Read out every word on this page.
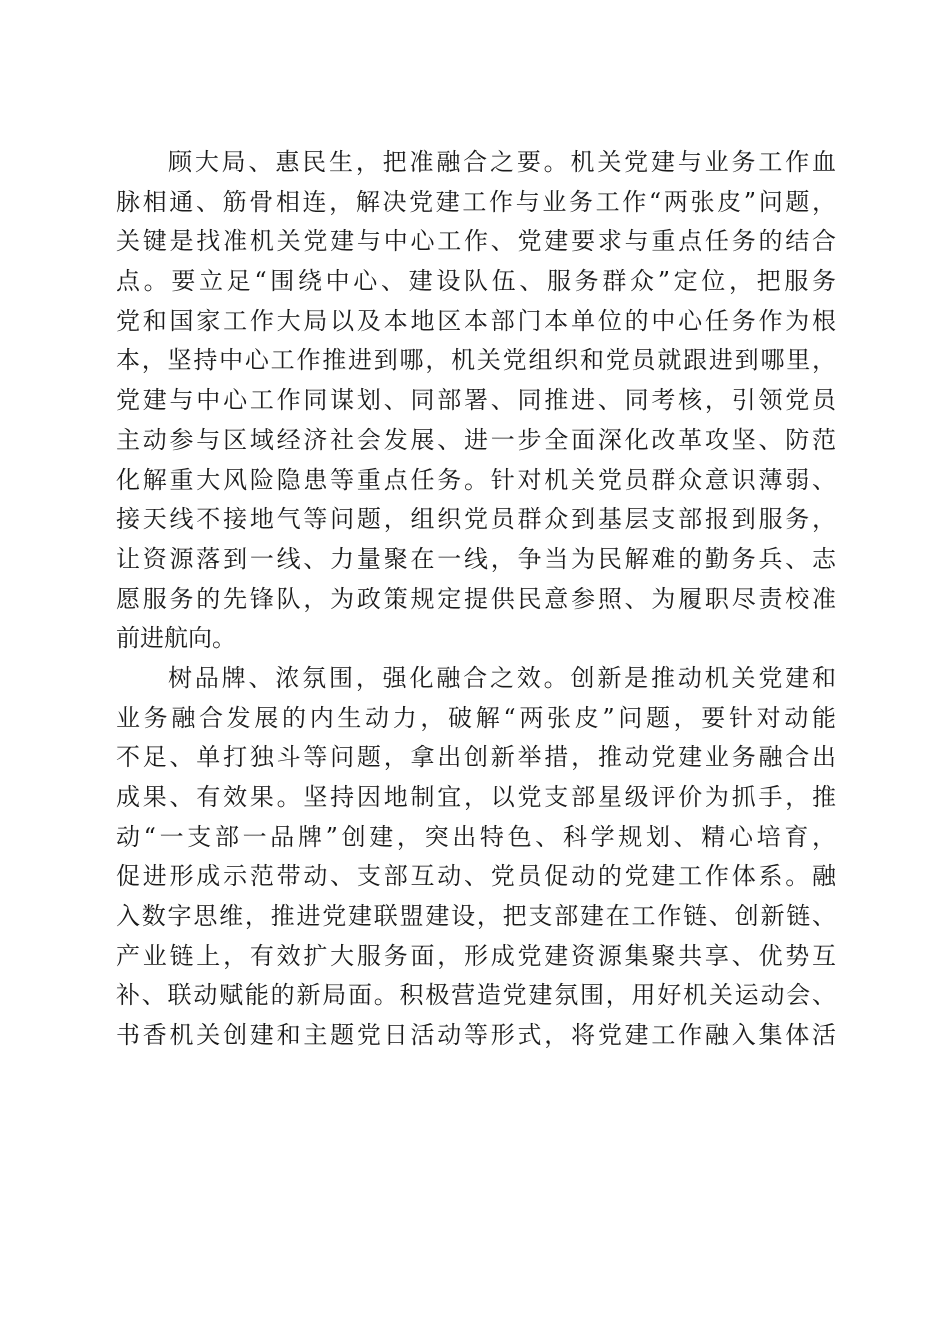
顾大局、惠民生，把准融合之要。机关党建与业务工作血
脉相通、筋骨相连，解决党建工作与业务工作“两张皮”问题，
关键是找准机关党建与中心工作、党建要求与重点任务的结合
点。要立足“围绕中心、建设队伍、服务群众”定位，把服务
党和国家工作大局以及本地区本部门本单位的中心任务作为根
本，坚持中心工作推进到哪，机关党组织和党员就跟进到哪里，
党建与中心工作同谋划、同部署、同推进、同考核，引领党员
主动参与区域经济社会发展、进一步全面深化改革攻坚、防范
化解重大风险隐患等重点任务。针对机关党员群众意识薄弱、
接天线不接地气等问题，组织党员群众到基层支部报到服务，
让资源落到一线、力量聚在一线，争当为民解难的勤务兵、志
愿服务的先锋队，为政策规定提供民意参照、为履职尽责校准
前进航向。
树品牌、浓氛围，强化融合之效。创新是推动机关党建和
业务融合发展的内生动力，破解“两张皮”问题，要针对动能
不足、单打独斗等问题，拿出创新举措，推动党建业务融合出
成果、有效果。坚持因地制宜，以党支部星级评价为抓手，推
动“一支部一品牌”创建，突出特色、科学规划、精心培育，
促进形成示范带动、支部互动、党员促动的党建工作体系。融
入数字思维，推进党建联盟建设，把支部建在工作链、创新链、
产业链上，有效扩大服务面，形成党建资源集聚共享、优势互
补、联动赋能的新局面。积极营造党建氛围，用好机关运动会、
书香机关创建和主题党日活动等形式，将党建工作融入集体活
